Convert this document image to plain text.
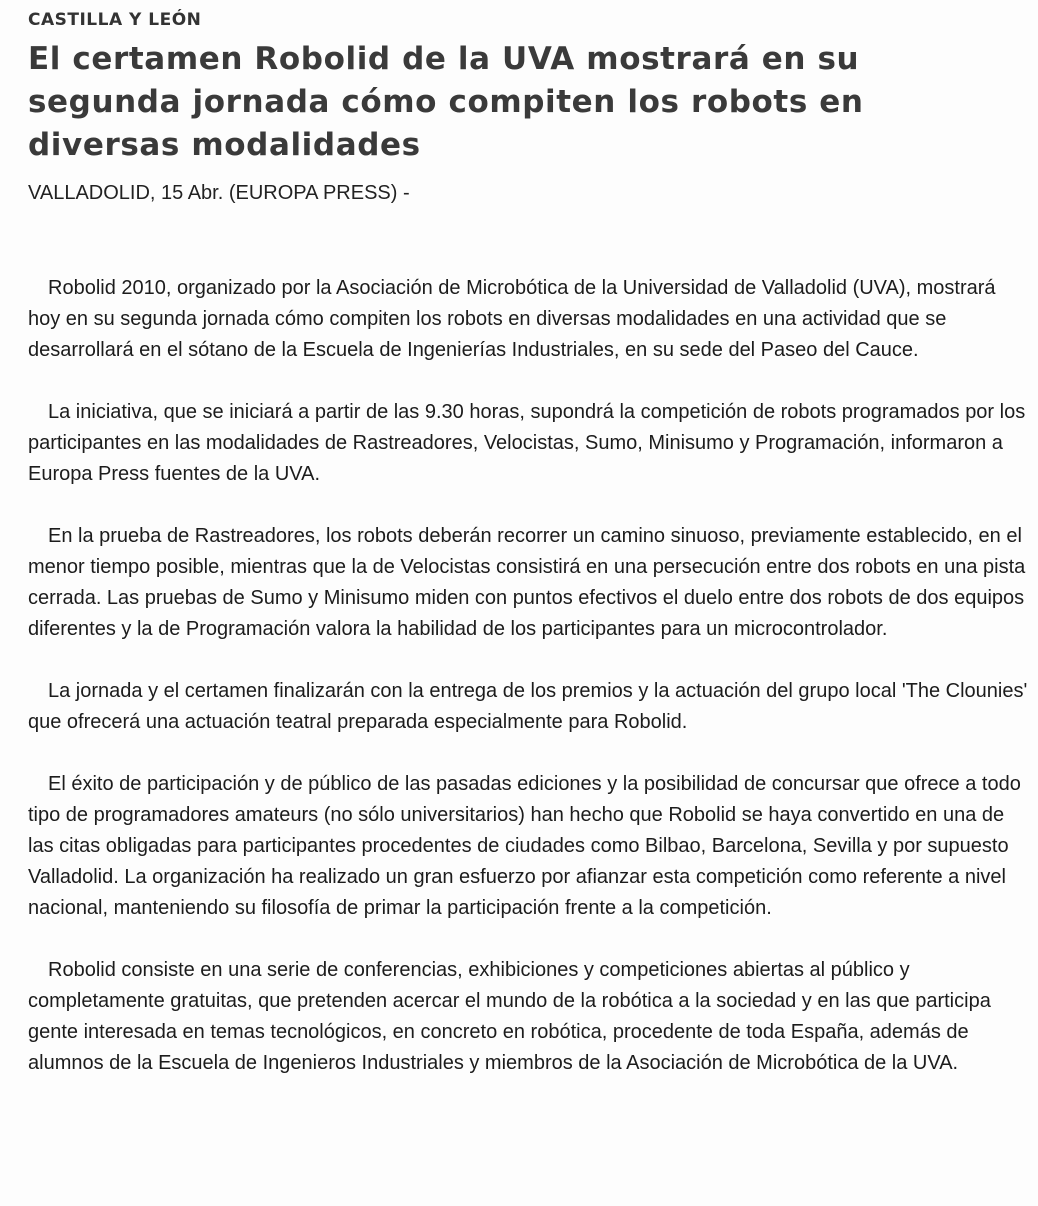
CASTILLA Y LEÓN
El certamen Robolid de la UVA mostrará en su segunda jornada cómo compiten los robots en diversas modalidades
VALLADOLID, 15 Abr. (EUROPA PRESS) -

Robolid 2010, organizado por la Asociación de Microbótica de la Universidad de Valladolid (UVA), mostrará hoy en su segunda jornada cómo compiten los robots en diversas modalidades en una actividad que se desarrollará en el sótano de la Escuela de Ingenierías Industriales, en su sede del Paseo del Cauce.

La iniciativa, que se iniciará a partir de las 9.30 horas, supondrá la competición de robots programados por los participantes en las modalidades de Rastreadores, Velocistas, Sumo, Minisumo y Programación, informaron a Europa Press fuentes de la UVA.

En la prueba de Rastreadores, los robots deberán recorrer un camino sinuoso, previamente establecido, en el menor tiempo posible, mientras que la de Velocistas consistirá en una persecución entre dos robots en una pista cerrada. Las pruebas de Sumo y Minisumo miden con puntos efectivos el duelo entre dos robots de dos equipos diferentes y la de Programación valora la habilidad de los participantes para un microcontrolador.

La jornada y el certamen finalizarán con la entrega de los premios y la actuación del grupo local 'The Clounies' que ofrecerá una actuación teatral preparada especialmente para Robolid.

El éxito de participación y de público de las pasadas ediciones y la posibilidad de concursar que ofrece a todo tipo de programadores amateurs (no sólo universitarios) han hecho que Robolid se haya convertido en una de las citas obligadas para participantes procedentes de ciudades como Bilbao, Barcelona, Sevilla y por supuesto Valladolid. La organización ha realizado un gran esfuerzo por afianzar esta competición como referente a nivel nacional, manteniendo su filosofía de primar la participación frente a la competición.

Robolid consiste en una serie de conferencias, exhibiciones y competiciones abiertas al público y completamente gratuitas, que pretenden acercar el mundo de la robótica a la sociedad y en las que participa gente interesada en temas tecnológicos, en concreto en robótica, procedente de toda España, además de alumnos de la Escuela de Ingenieros Industriales y miembros de la Asociación de Microbótica de la UVA.
